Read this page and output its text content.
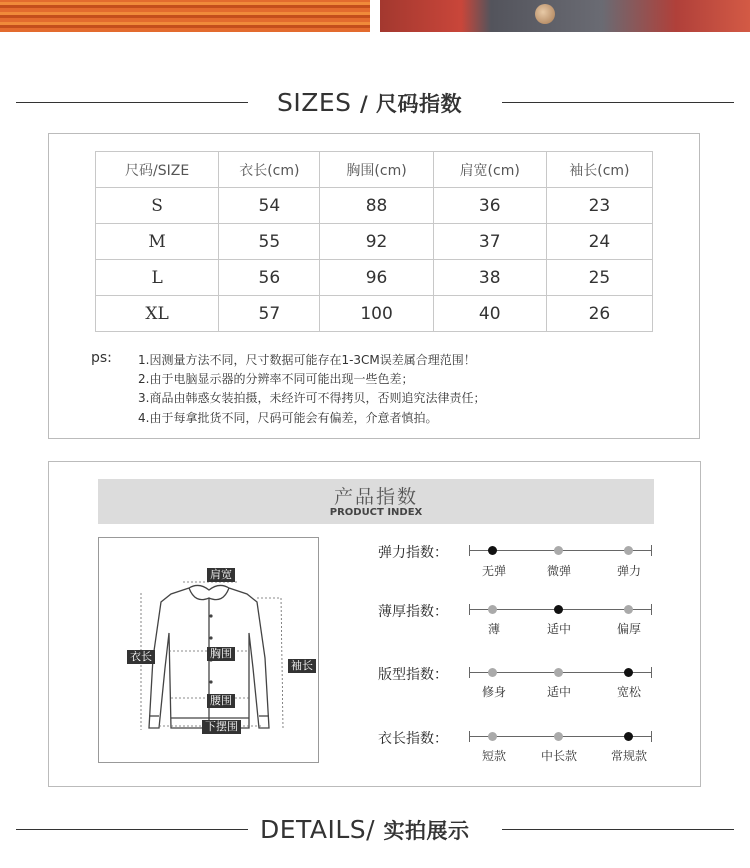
SIZES / 尺码指数
尺码/SIZE	衣长(cm)	胸围(cm)	肩宽(cm)	袖长(cm)
S	54	88	36	23
M	55	92	37	24
L	56	96	38	25
XL	57	100	40	26
ps: 1.因测量方法不同，尺寸数据可能存在1-3CM误差属合理范围！
2.由于电脑显示器的分辨率不同可能出现一些色差；
3.商品由韩惑女装拍摄，未经许可不得拷贝，否则追究法律责任；
4.由于每拿批货不同，尺码可能会有偏差，介意者慎拍。
产品指数
PRODUCT INDEX
肩宽
衣长	胸围
袖长
腰围
下摆围
弹力指数：
无弹	微弹	弹力
薄厚指数：
薄	适中	偏厚
版型指数：
修身	适中	宽松
衣长指数：
短款	中长款	常规款
DETAILS/ 实拍展示
